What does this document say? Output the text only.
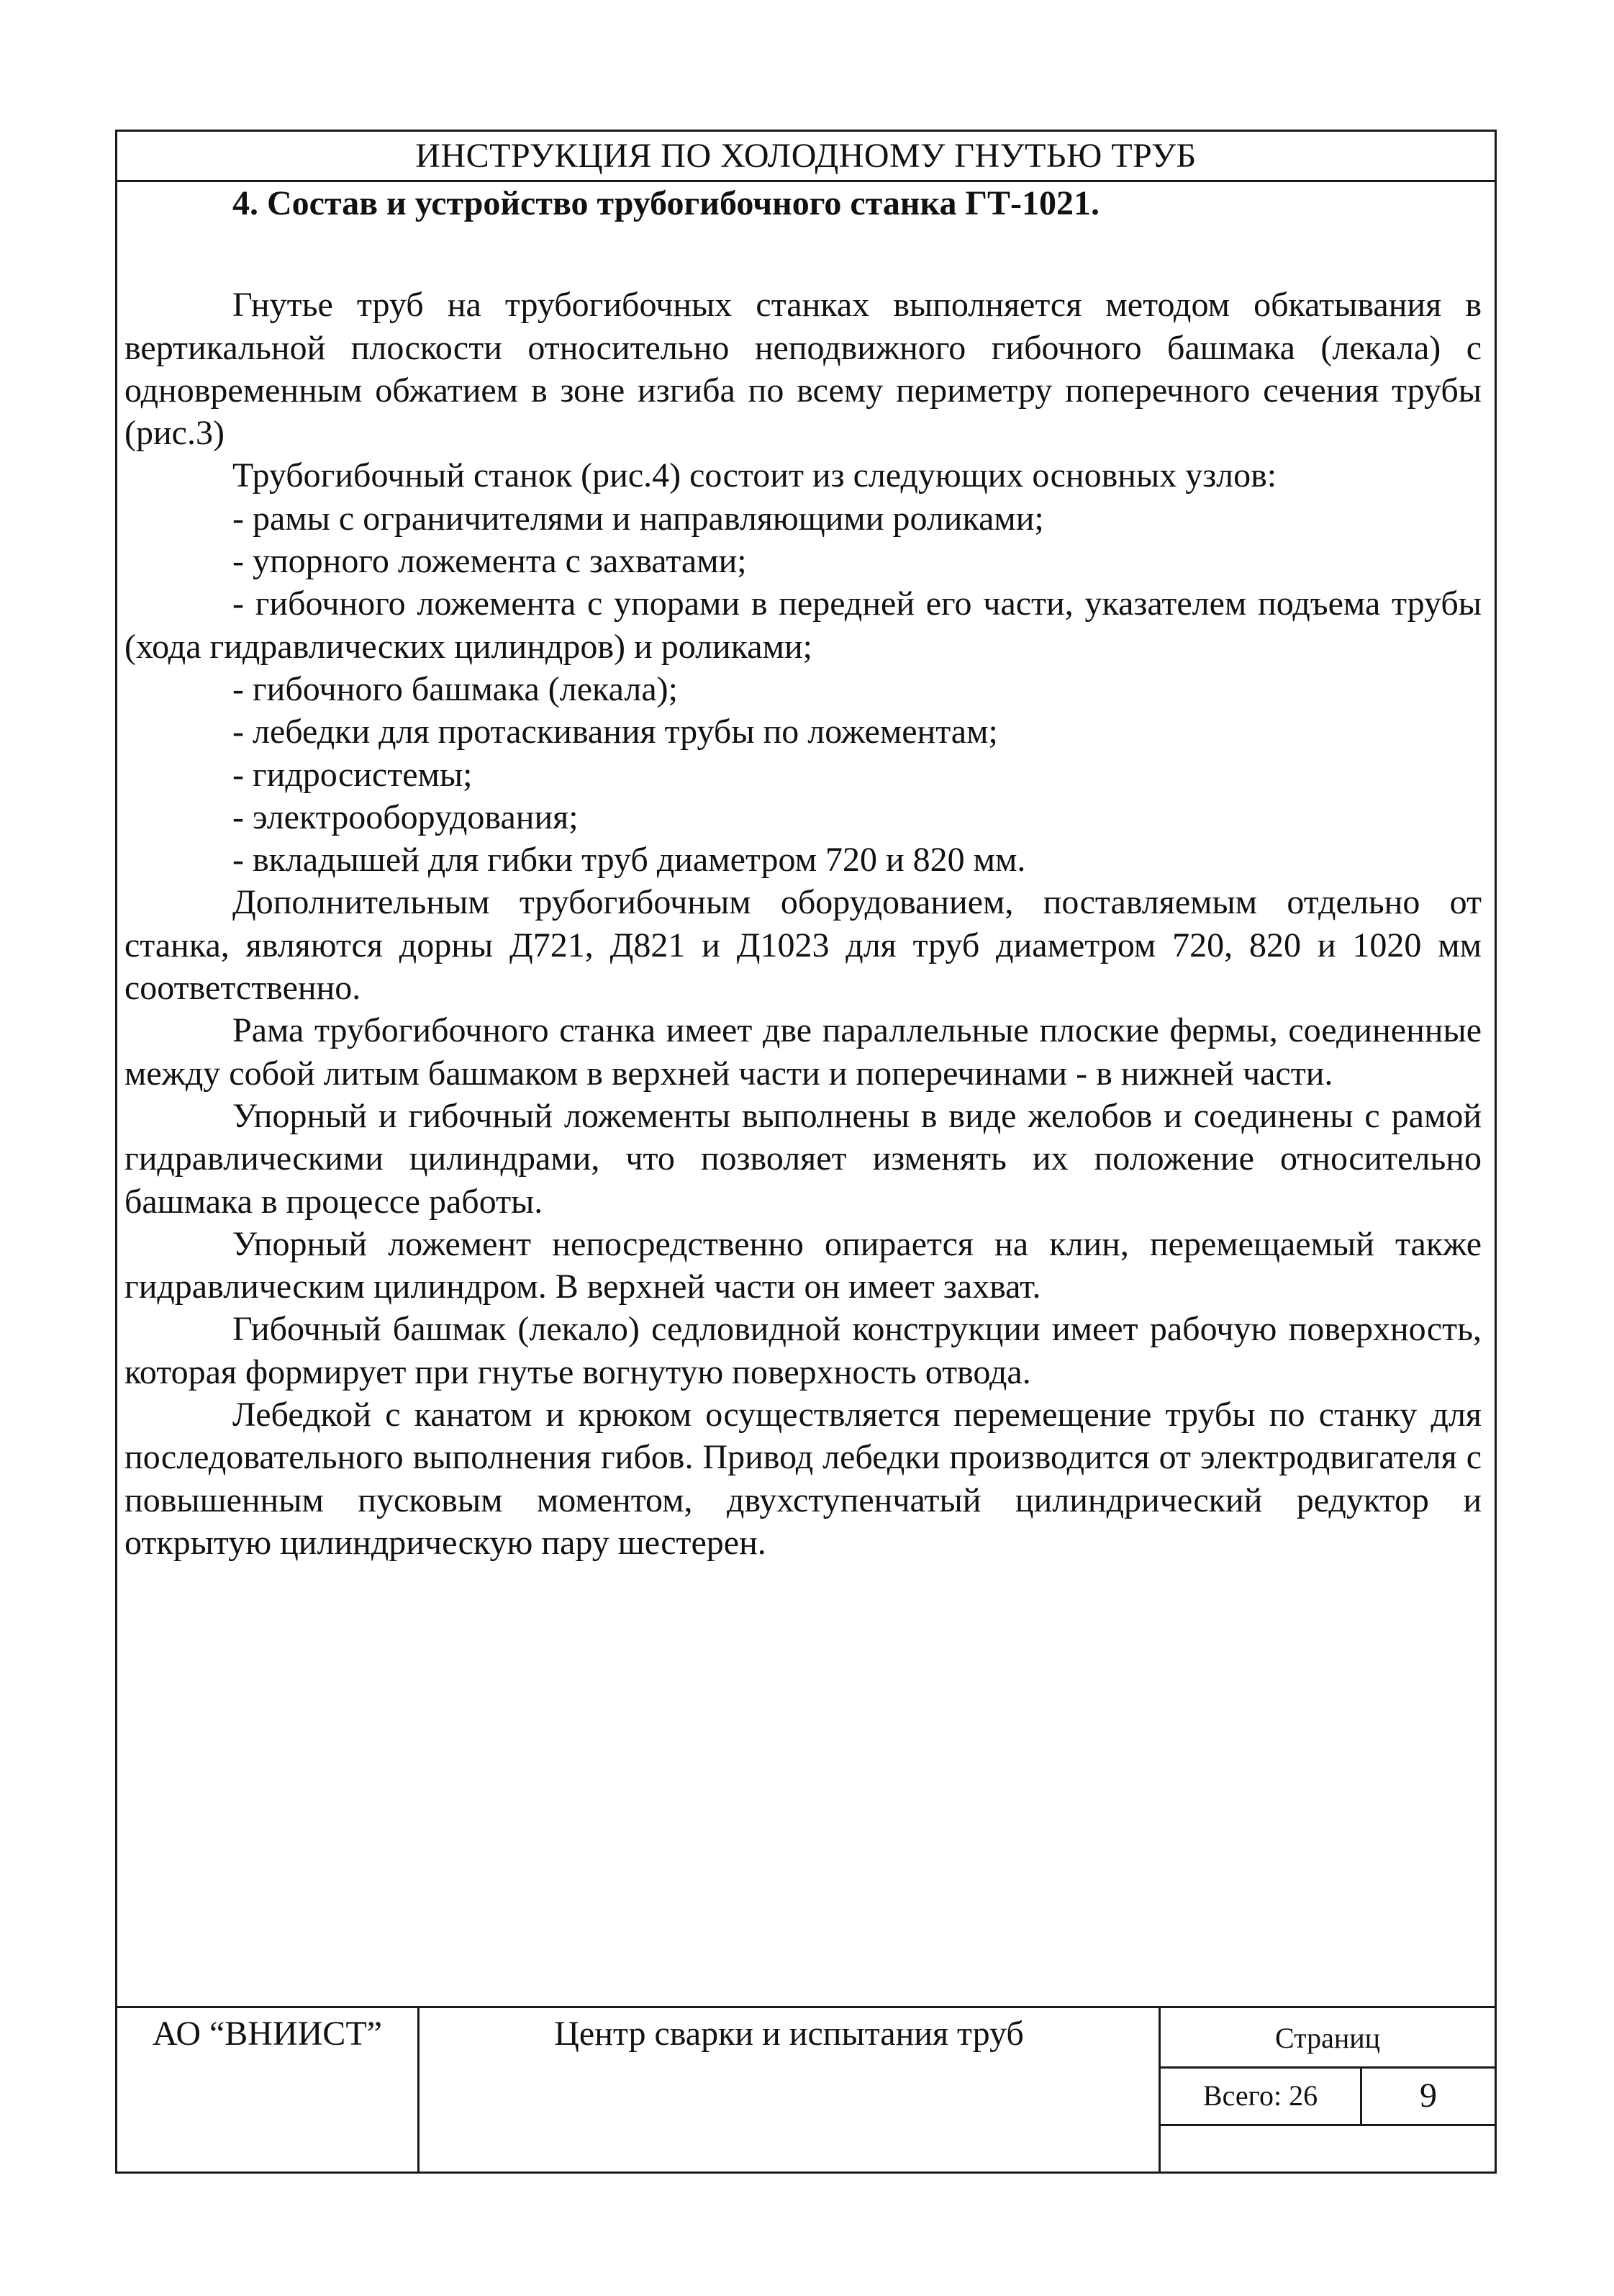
ИНСТРУКЦИЯ ПО ХОЛОДНОМУ ГНУТЬЮ ТРУБ

4. Состав и устройство трубогибочного станка ГТ-1021.

Гнутье труб на трубогибочных станках выполняется методом обкатывания в вертикальной плоскости относительно неподвижного гибочного башмака (лекала) с одновременным обжатием в зоне изгиба по всему периметру поперечного сечения трубы (рис.3)

Трубогибочный станок (рис.4) состоит из следующих основных узлов:

- рамы с ограничителями и направляющими роликами;

- упорного ложемента с захватами;

- гибочного ложемента с упорами в передней его части, указателем подъема трубы (хода гидравлических цилиндров) и роликами;

- гибочного башмака (лекала);

- лебедки для протаскивания трубы по ложементам;

- гидросистемы;

- электрооборудования;

- вкладышей для гибки труб диаметром 720 и 820 мм.

Дополнительным трубогибочным оборудованием, поставляемым отдельно от станка, являются дорны Д721, Д821 и Д1023 для труб диаметром 720, 820 и 1020 мм соответственно.

Рама трубогибочного станка имеет две параллельные плоские фермы, соединенные между собой литым башмаком в верхней части и поперечинами - в нижней части.

Упорный и гибочный ложементы выполнены в виде желобов и соединены с рамой гидравлическими цилиндрами, что позволяет изменять их положение относительно башмака в процессе работы.

Упорный ложемент непосредственно опирается на клин, перемещаемый также гидравлическим цилиндром. В верхней части он имеет захват.

Гибочный башмак (лекало) седловидной конструкции имеет рабочую поверхность, которая формирует при гнутье вогнутую поверхность отвода.

Лебедкой с канатом и крюком осуществляется перемещение трубы по станку для последовательного выполнения гибов. Привод лебедки производится от электродвигателя с повышенным пусковым моментом, двухступенчатый цилиндрический редуктор и открытую цилиндрическую пару шестерен.

АО “ВНИИСТ”	Центр сварки и испытания труб	Страниц
Всего: 26	9
